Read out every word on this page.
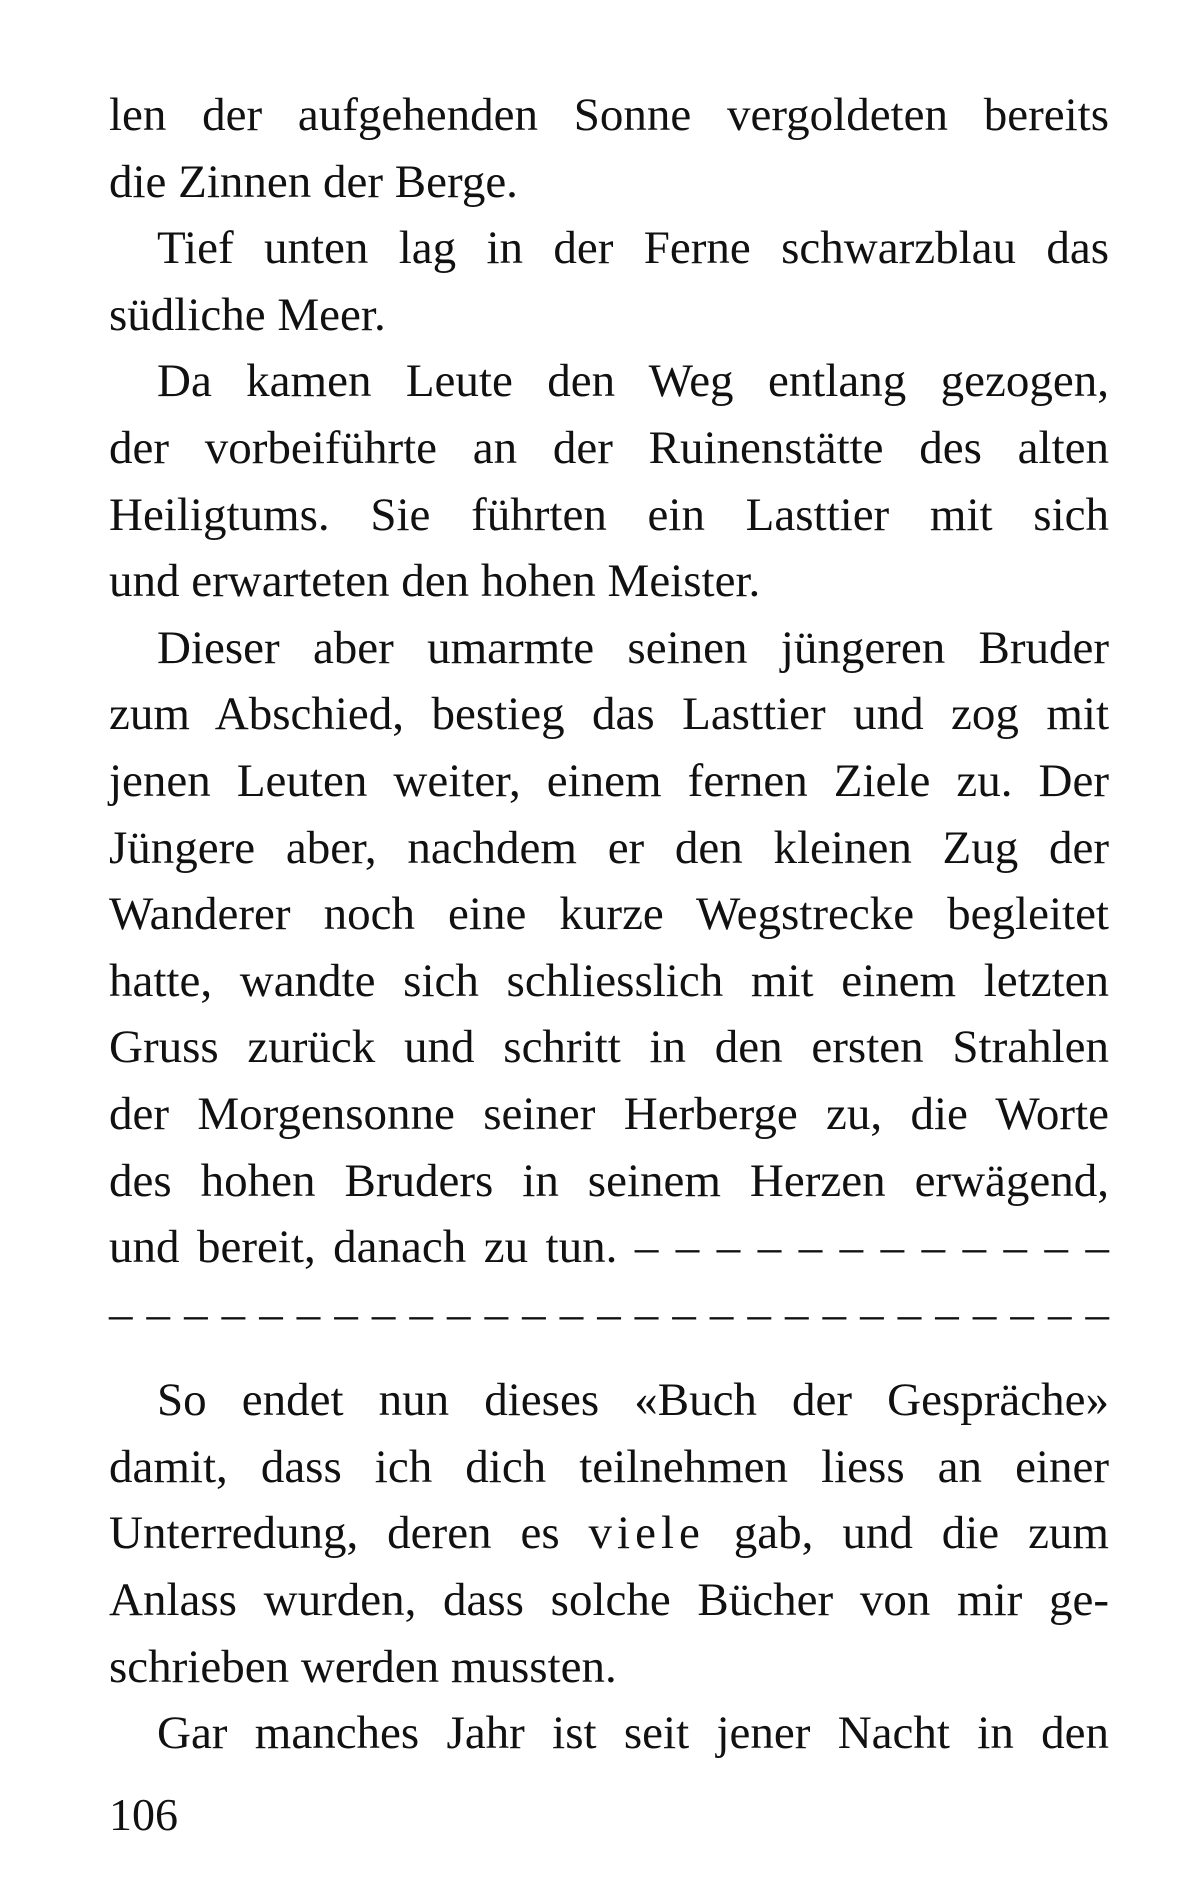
len der aufgehenden Sonne vergoldeten bereits
die Zinnen der Berge.
Tief unten lag in der Ferne schwarzblau das
südliche Meer.
Da kamen Leute den Weg entlang gezogen,
der vorbeiführte an der Ruinenstätte des alten
Heiligtums. Sie führten ein Lasttier mit sich
und erwarteten den hohen Meister.
Dieser aber umarmte seinen jüngeren Bruder
zum Abschied, bestieg das Lasttier und zog mit
jenen Leuten weiter, einem fernen Ziele zu. Der
Jüngere aber, nachdem er den kleinen Zug der
Wanderer noch eine kurze Wegstrecke begleitet
hatte, wandte sich schliesslich mit einem letzten
Gruss zurück und schritt in den ersten Strahlen
der Morgensonne seiner Herberge zu, die Worte
des hohen Bruders in seinem Herzen erwägend,
und bereit, danach zu tun. – – – – – – – – – – – –
– – – – – – – – – – – – – – – – – – – – – – – – – – –
So endet nun dieses «Buch der Gespräche»
damit, dass ich dich teilnehmen liess an einer
Unterredung, deren es viele gab, und die zum
Anlass wurden, dass solche Bücher von mir ge-
schrieben werden mussten.
Gar manches Jahr ist seit jener Nacht in den
106
